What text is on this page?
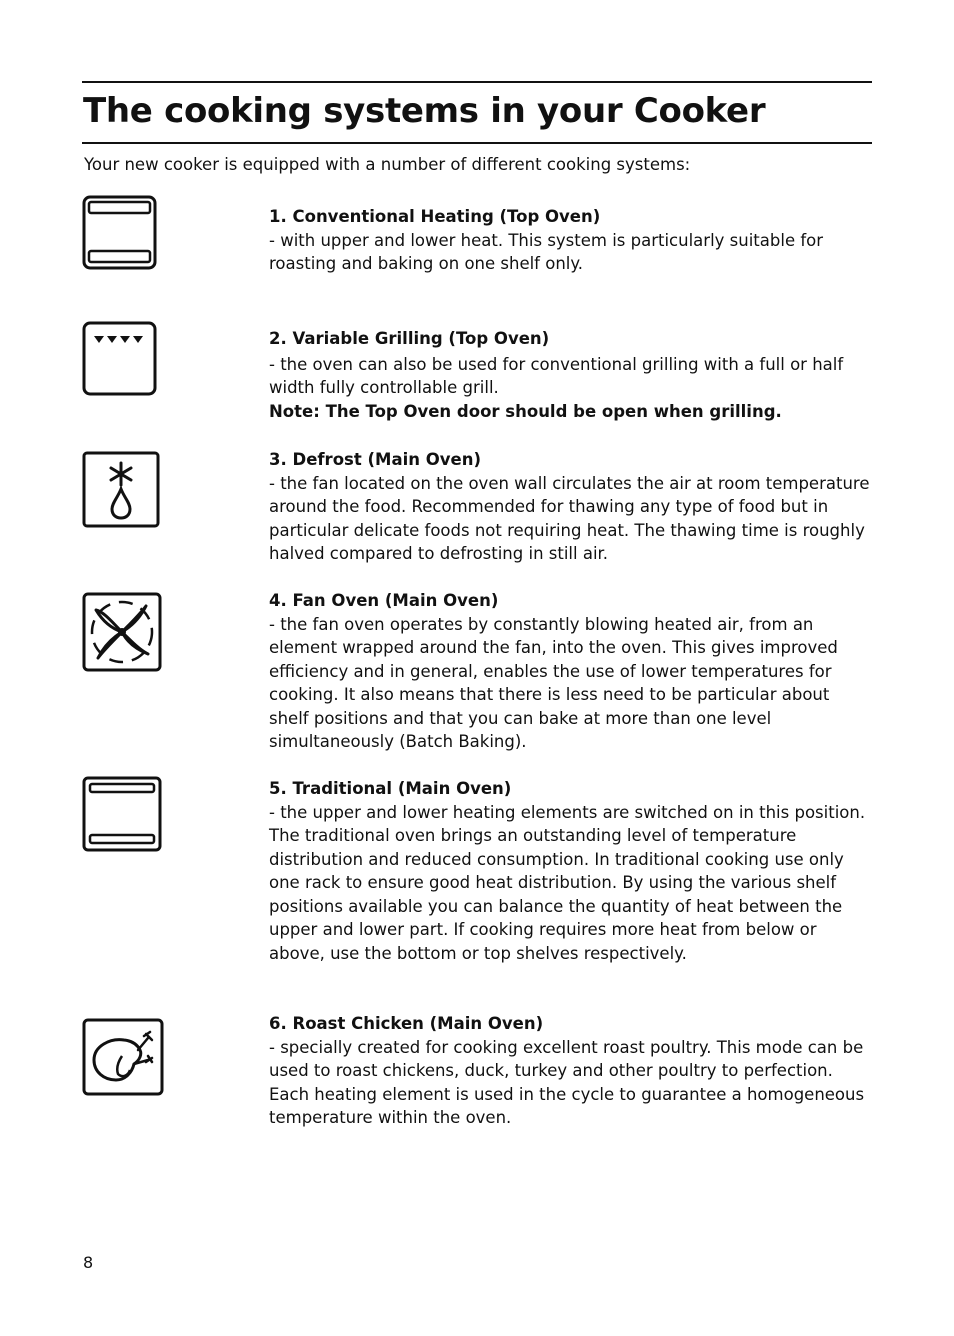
The cooking systems in your Cooker

Your new cooker is equipped with a number of different cooking systems:

1. Conventional Heating (Top Oven)

- with upper and lower heat. This system is particularly suitable for roasting and baking on one shelf only.

2. Variable Grilling (Top Oven)

- the oven can also be used for conventional grilling with a full or half width fully controllable grill.

Note: The Top Oven door should be open when grilling.

3. Defrost (Main Oven)

- the fan located on the oven wall circulates the air at room temperature around the food. Recommended for thawing any type of food but in particular delicate foods not requiring heat. The thawing time is roughly halved compared to defrosting in still air.

4. Fan Oven (Main Oven)

- the fan oven operates by constantly blowing heated air, from an element wrapped around the fan, into the oven. This gives improved efficiency and in general, enables the use of lower temperatures for cooking. It also means that there is less need to be particular about shelf positions and that you can bake at more than one level simultaneously (Batch Baking).

5. Traditional (Main Oven)

- the upper and lower heating elements are switched on in this position. The traditional oven brings an outstanding level of temperature distribution and reduced consumption. In traditional cooking use only one rack to ensure good heat distribution. By using the various shelf positions available you can balance the quantity of heat between the upper and lower part. If cooking requires more heat from below or above, use the bottom or top shelves respectively.

6. Roast Chicken (Main Oven)

- specially created for cooking excellent roast poultry. This mode can be used to roast chickens, duck, turkey and other poultry to perfection. Each heating element is used in the cycle to guarantee a homogeneous temperature within the oven.

8
